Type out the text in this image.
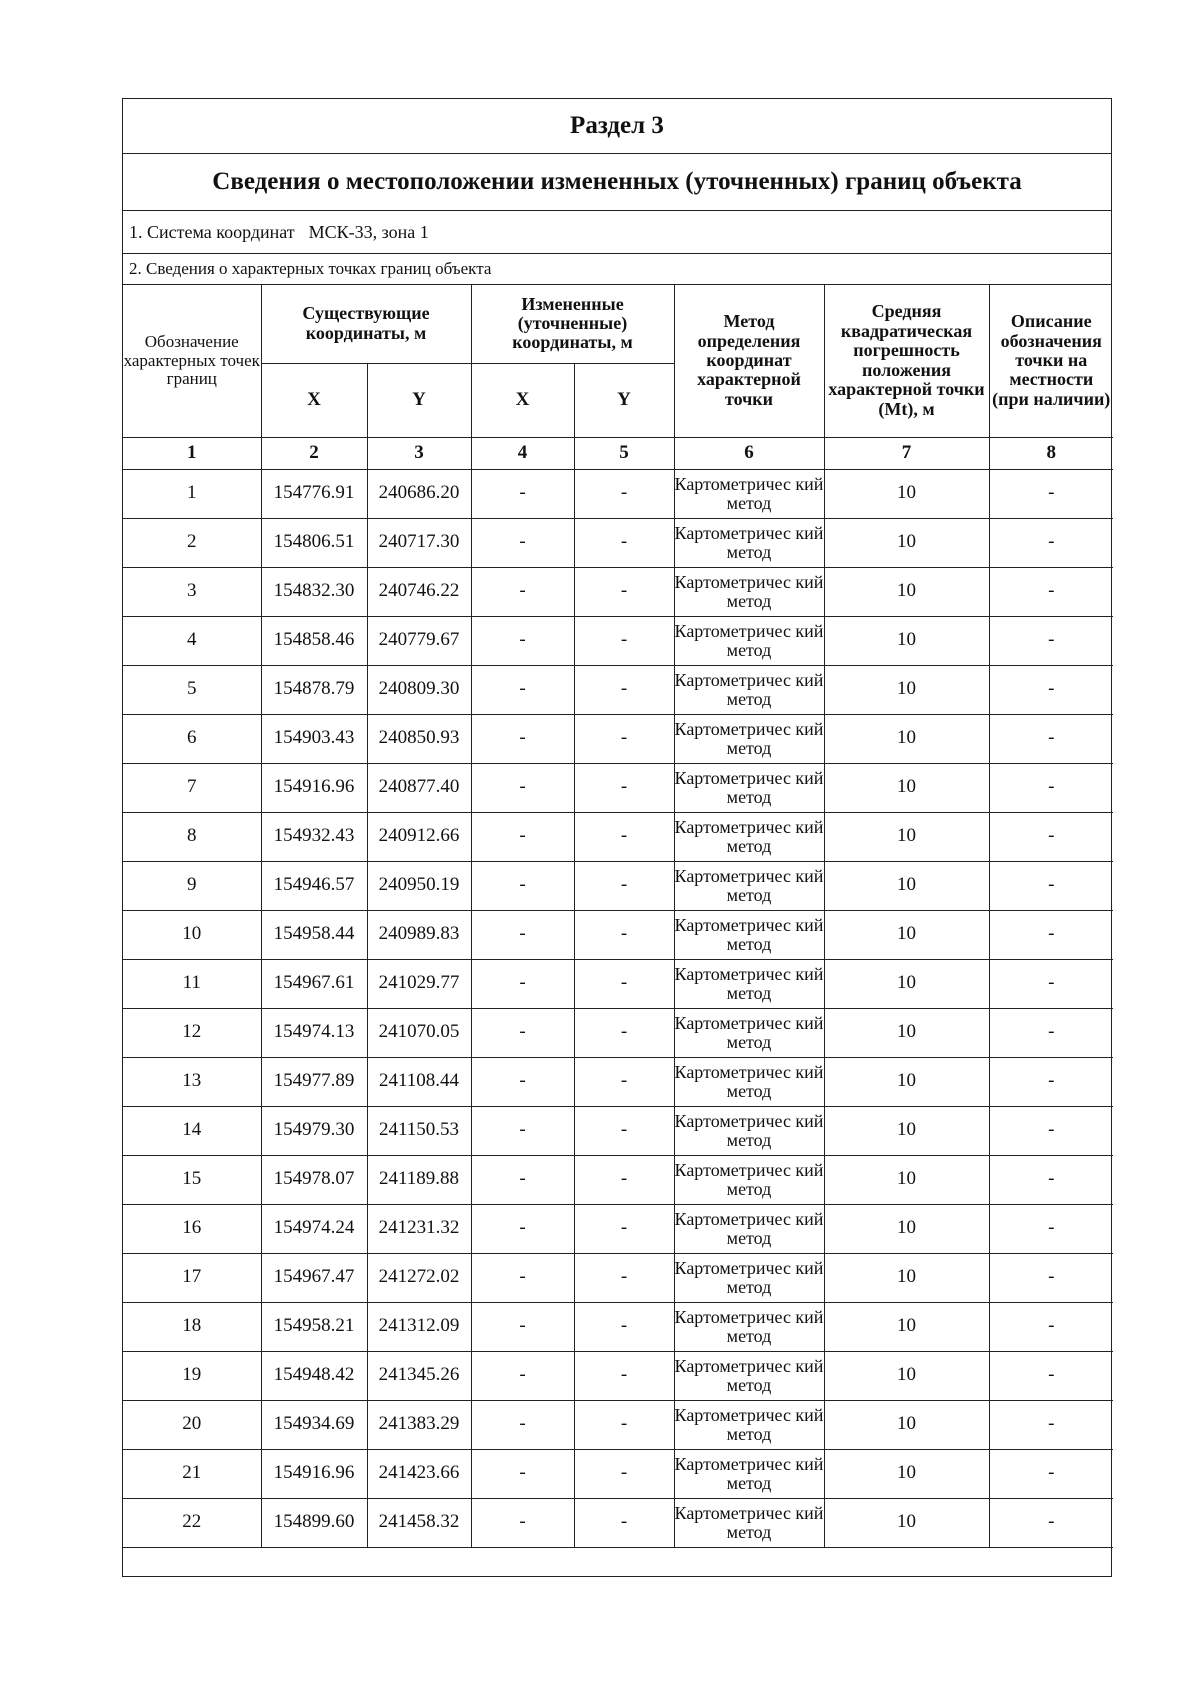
Раздел 3
Сведения о местоположении измененных (уточненных) границ объекта
1. Система координат МСК-33, зона 1
2. Сведения о характерных точках границ объекта
Обозначение характерных точек границ	Существующие координаты, м		Измененные (уточненные) координаты, м		Метод определения координат характерной точки	Средняя квадратическая погрешность положения характерной точки (Mt), м	Описание обозначения точки на местности (при наличии)
	X	Y	X	Y			
1	2	3	4	5	6	7	8
1	154776.91	240686.20	-	-	Картометричес кий метод	10	-
2	154806.51	240717.30	-	-	Картометричес кий метод	10	-
3	154832.30	240746.22	-	-	Картометричес кий метод	10	-
4	154858.46	240779.67	-	-	Картометричес кий метод	10	-
5	154878.79	240809.30	-	-	Картометричес кий метод	10	-
6	154903.43	240850.93	-	-	Картометричес кий метод	10	-
7	154916.96	240877.40	-	-	Картометричес кий метод	10	-
8	154932.43	240912.66	-	-	Картометричес кий метод	10	-
9	154946.57	240950.19	-	-	Картометричес кий метод	10	-
10	154958.44	240989.83	-	-	Картометричес кий метод	10	-
11	154967.61	241029.77	-	-	Картометричес кий метод	10	-
12	154974.13	241070.05	-	-	Картометричес кий метод	10	-
13	154977.89	241108.44	-	-	Картометричес кий метод	10	-
14	154979.30	241150.53	-	-	Картометричес кий метод	10	-
15	154978.07	241189.88	-	-	Картометричес кий метод	10	-
16	154974.24	241231.32	-	-	Картометричес кий метод	10	-
17	154967.47	241272.02	-	-	Картометричес кий метод	10	-
18	154958.21	241312.09	-	-	Картометричес кий метод	10	-
19	154948.42	241345.26	-	-	Картометричес кий метод	10	-
20	154934.69	241383.29	-	-	Картометричес кий метод	10	-
21	154916.96	241423.66	-	-	Картометричес кий метод	10	-
22	154899.60	241458.32	-	-	Картометричес кий метод	10	-
